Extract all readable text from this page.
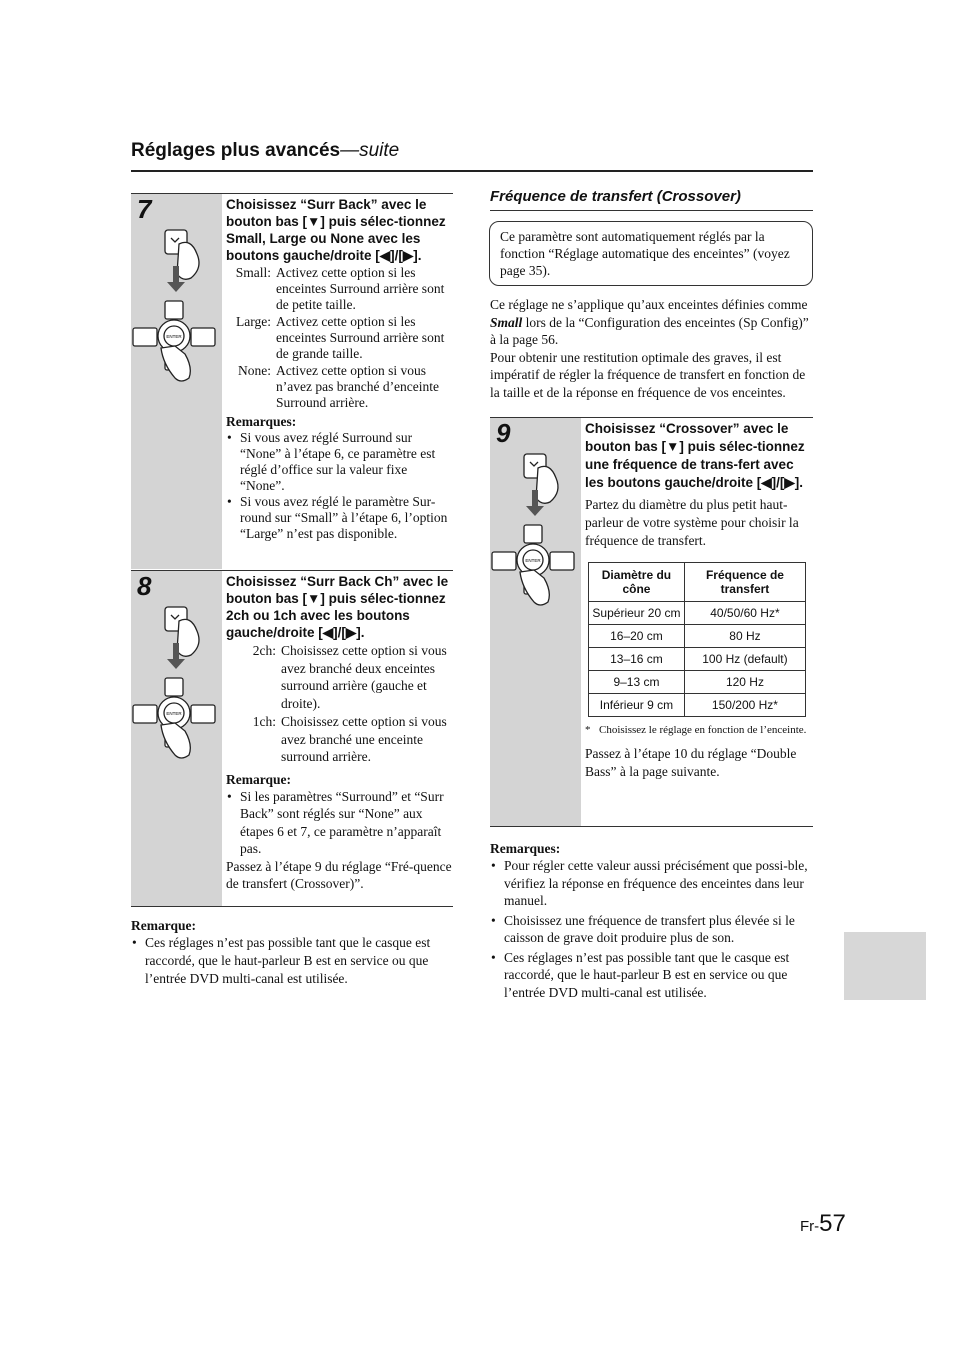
Réglages plus avancés—suite
7
ENTER
Choisissez “Surr Back” avec le bouton bas [▼] puis sélec-tionnez Small, Large ou None avec les boutons gauche/droite [◀]/[▶].
Small: Activez cette option si les enceintes Surround arrière sont de petite taille.
Large: Activez cette option si les enceintes Surround arrière sont de grande taille.
None: Activez cette option si vous n’avez pas branché d’enceinte Surround arrière.
Remarques:
• Si vous avez réglé Surround sur “None” à l’étape 6, ce paramètre est réglé d’office sur la valeur fixe “None”.
• Si vous avez réglé le paramètre Sur-round sur “Small” à l’étape 6, l’option “Large” n’est pas disponible.
8
ENTER
Choisissez “Surr Back Ch” avec le bouton bas [▼] puis sélec-tionnez 2ch ou 1ch avec les boutons gauche/droite [◀]/[▶].
2ch: Choisissez cette option si vous avez branché deux enceintes surround arrière (gauche et droite).
1ch: Choisissez cette option si vous avez branché une enceinte surround arrière.
Remarque:
• Si les paramètres “Surround” et “Surr Back” sont réglés sur “None” aux étapes 6 et 7, ce paramètre n’apparaît pas.
Passez à l’étape 9 du réglage “Fré-quence de transfert (Crossover)”.
Remarque:
• Ces réglages n’est pas possible tant que le casque est raccordé, que le haut-parleur B est en service ou que l’entrée DVD multi-canal est utilisée.
Fréquence de transfert (Crossover)
Ce paramètre sont automatiquement réglés par la fonction “Réglage automatique des enceintes” (voyez page 35).
Ce réglage ne s’applique qu’aux enceintes définies comme Small lors de la “Configuration des enceintes (Sp Config)” à la page 56.
Pour obtenir une restitution optimale des graves, il est impératif de régler la fréquence de transfert en fonction de la taille et de la réponse en fréquence de vos enceintes.
9
ENTER
Choisissez “Crossover” avec le bouton bas [▼] puis sélec-tionnez une fréquence de trans-fert avec les boutons gauche/droite [◀]/[▶].
Partez du diamètre du plus petit haut-parleur de votre système pour choisir la fréquence de transfert.
Diamètre du cône	Fréquence de transfert
Supérieur 20 cm	40/50/60 Hz*
16–20 cm	80 Hz
13–16 cm	100 Hz (default)
9–13 cm	120 Hz
Inférieur 9 cm	150/200 Hz*
* Choisissez le réglage en fonction de l’enceinte.
Passez à l’étape 10 du réglage “Double Bass” à la page suivante.
Remarques:
• Pour régler cette valeur aussi précisément que possi-ble, vérifiez la réponse en fréquence des enceintes dans leur manuel.
• Choisissez une fréquence de transfert plus élevée si le caisson de grave doit produire plus de son.
• Ces réglages n’est pas possible tant que le casque est raccordé, que le haut-parleur B est en service ou que l’entrée DVD multi-canal est utilisée.
Fr-57
